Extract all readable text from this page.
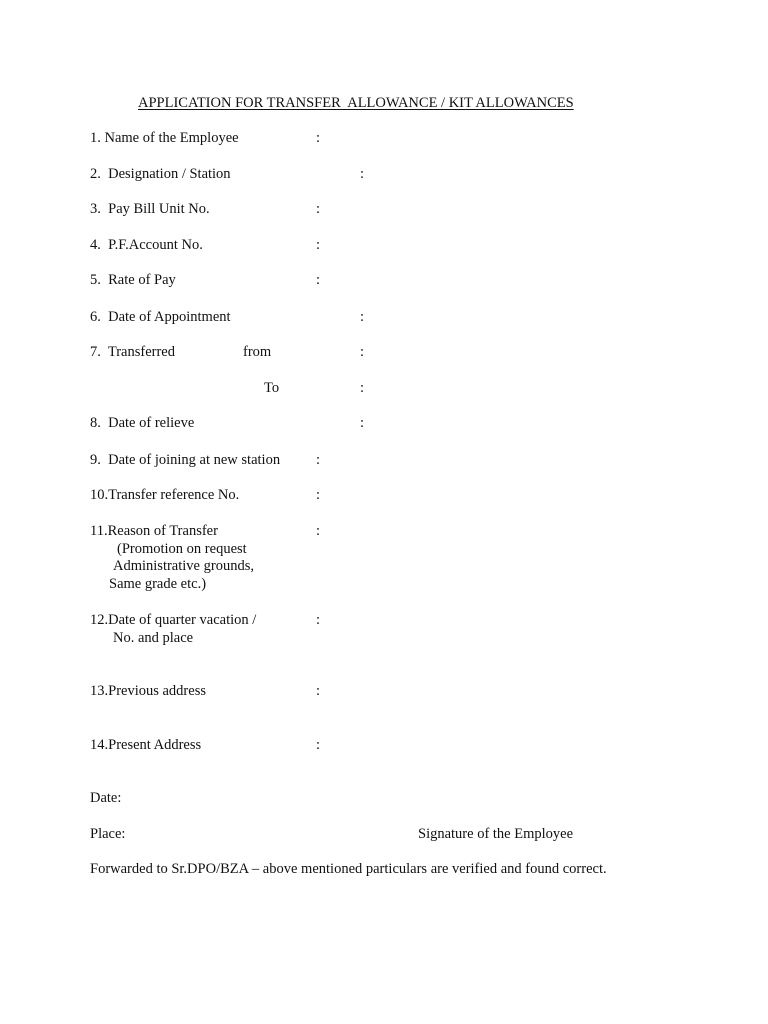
APPLICATION FOR TRANSFER  ALLOWANCE / KIT ALLOWANCES
1. Name of the Employee	:
2.  Designation / Station	:
3.  Pay Bill Unit No.	:
4.  P.F.Account No.	:
5.  Rate of Pay	:
6.  Date of Appointment	:
7.  Transferred	from	:
To	:
8.  Date of relieve	:
9.  Date of joining at new station :
10.Transfer reference No.	:
11.Reason of Transfer	:
(Promotion on request
Administrative grounds,
Same grade etc.)
12.Date of quarter vacation /	:
No. and place
13.Previous address	:
14.Present Address	:
Date:
Place:	Signature of the Employee
Forwarded to Sr.DPO/BZA – above mentioned particulars are verified and found correct.
